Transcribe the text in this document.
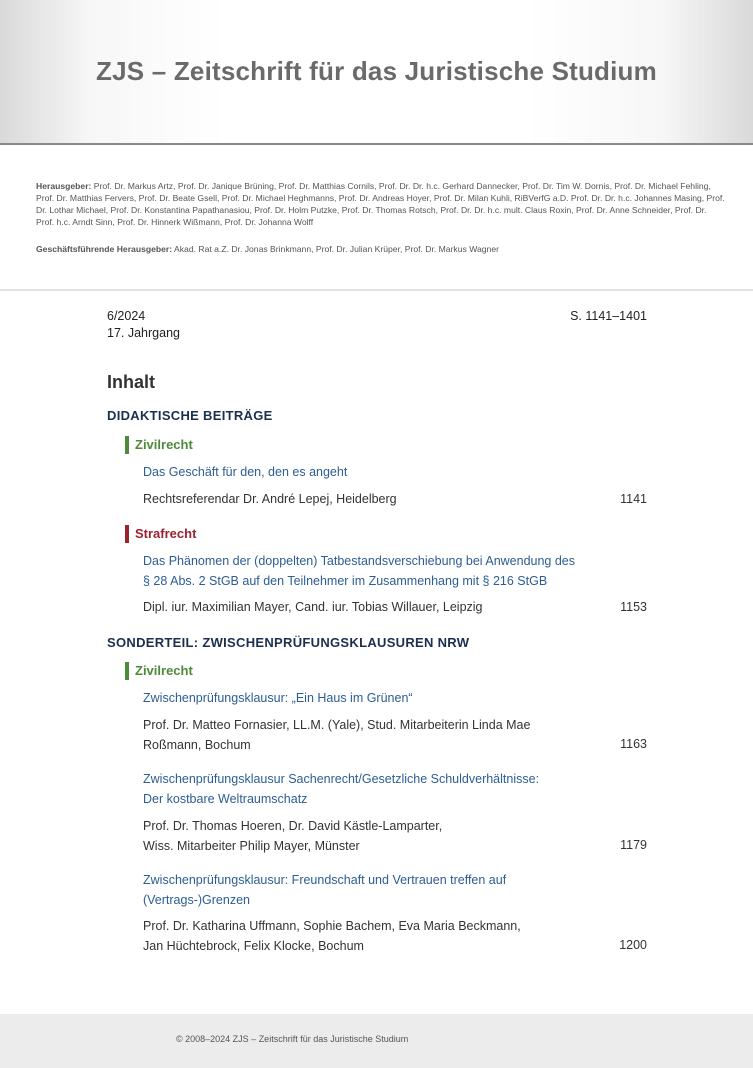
ZJS – Zeitschrift für das Juristische Studium
Herausgeber: Prof. Dr. Markus Artz, Prof. Dr. Janique Brüning, Prof. Dr. Matthias Cornils, Prof. Dr. Dr. h.c. Gerhard Dannecker, Prof. Dr. Tim W. Dornis, Prof. Dr. Michael Fehling, Prof. Dr. Matthias Fervers, Prof. Dr. Beate Gsell, Prof. Dr. Michael Heghmanns, Prof. Dr. Andreas Hoyer, Prof. Dr. Milan Kuhli, RiBVerfG a.D. Prof. Dr. Dr. h.c. Johannes Masing, Prof. Dr. Lothar Michael, Prof. Dr. Konstantina Papathanasiou, Prof. Dr. Holm Putzke, Prof. Dr. Thomas Rotsch, Prof. Dr. Dr. h.c. mult. Claus Roxin, Prof. Dr. Anne Schneider, Prof. Dr. Prof. h.c. Arndt Sinn, Prof. Dr. Hinnerk Wißmann, Prof. Dr. Johanna Wolff
Geschäftsführende Herausgeber: Akad. Rat a.Z. Dr. Jonas Brinkmann, Prof. Dr. Julian Krüper, Prof. Dr. Markus Wagner
6/2024
17. Jahrgang
S. 1141–1401
Inhalt
DIDAKTISCHE BEITRÄGE
Zivilrecht
Das Geschäft für den, den es angeht
Rechtsreferendar Dr. André Lepej, Heidelberg	1141
Strafrecht
Das Phänomen der (doppelten) Tatbestandsverschiebung bei Anwendung des
§ 28 Abs. 2 StGB auf den Teilnehmer im Zusammenhang mit § 216 StGB
Dipl. iur. Maximilian Mayer, Cand. iur. Tobias Willauer, Leipzig	1153
SONDERTEIL: ZWISCHENPRÜFUNGSKLAUSUREN NRW
Zivilrecht
Zwischenprüfungsklausur: „Ein Haus im Grünen“
Prof. Dr. Matteo Fornasier, LL.M. (Yale), Stud. Mitarbeiterin Linda Mae
Roßmann, Bochum	1163
Zwischenprüfungsklausur Sachenrecht/Gesetzliche Schuldverhältnisse:
Der kostbare Weltraumschatz
Prof. Dr. Thomas Hoeren, Dr. David Kästle-Lamparter,
Wiss. Mitarbeiter Philip Mayer, Münster	1179
Zwischenprüfungsklausur: Freundschaft und Vertrauen treffen auf
(Vertrags-)Grenzen
Prof. Dr. Katharina Uffmann, Sophie Bachem, Eva Maria Beckmann,
Jan Hüchtebrock, Felix Klocke, Bochum	1200
© 2008–2024 ZJS – Zeitschrift für das Juristische Studium
